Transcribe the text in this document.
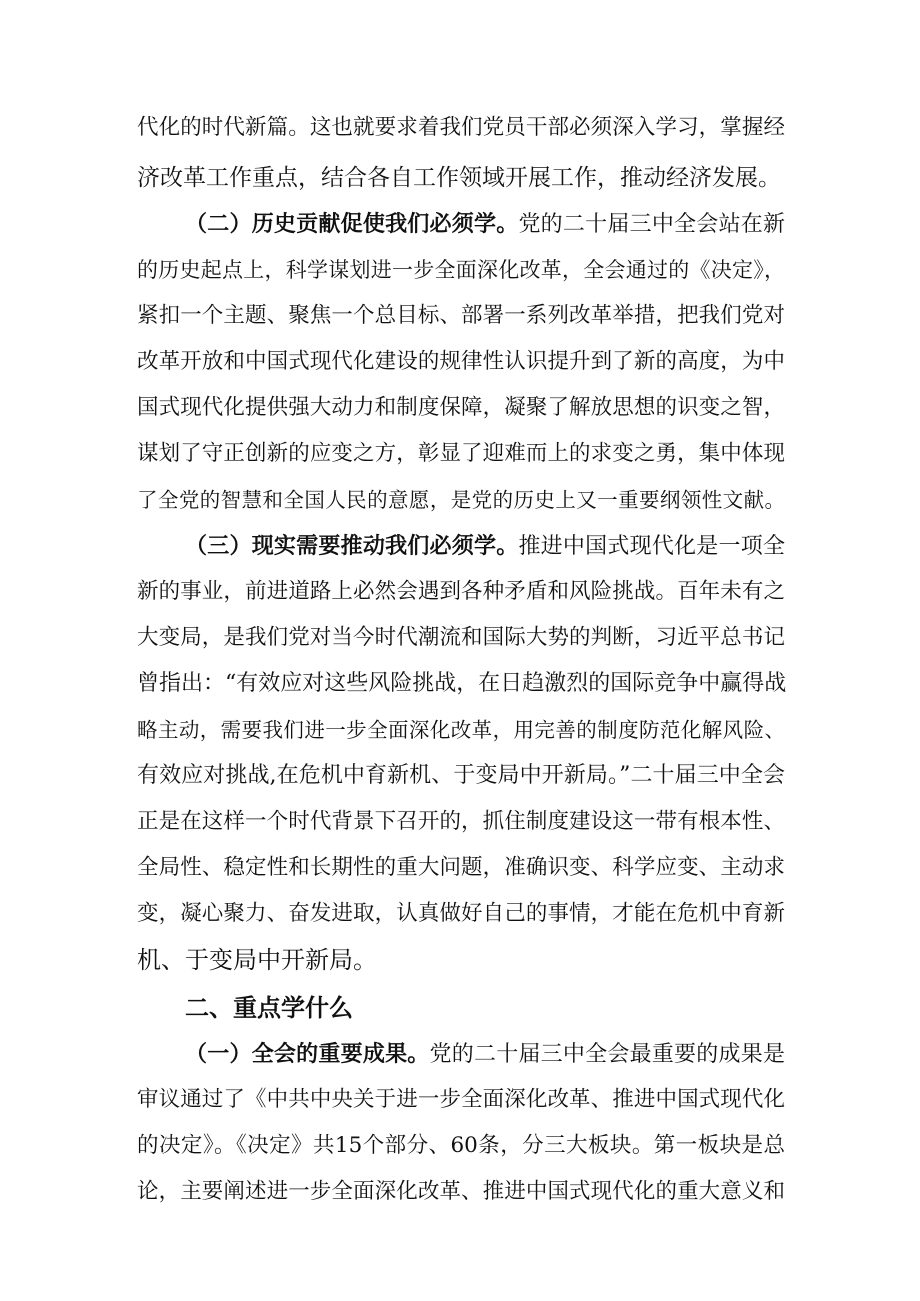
代化的时代新篇。这也就要求着我们党员干部必须深入学习，掌握经
济改革工作重点，结合各自工作领域开展工作，推动经济发展。
（二）历史贡献促使我们必须学。党的二十届三中全会站在新
的历史起点上，科学谋划进一步全面深化改革，全会通过的《决定》，
紧扣一个主题、聚焦一个总目标、部署一系列改革举措，把我们党对
改革开放和中国式现代化建设的规律性认识提升到了新的高度，为中
国式现代化提供强大动力和制度保障，凝聚了解放思想的识变之智，
谋划了守正创新的应变之方，彰显了迎难而上的求变之勇，集中体现
了全党的智慧和全国人民的意愿，是党的历史上又一重要纲领性文献。
（三）现实需要推动我们必须学。推进中国式现代化是一项全
新的事业，前进道路上必然会遇到各种矛盾和风险挑战。百年未有之
大变局，是我们党对当今时代潮流和国际大势的判断，习近平总书记
曾指出：“有效应对这些风险挑战，在日趋激烈的国际竞争中赢得战
略主动，需要我们进一步全面深化改革，用完善的制度防范化解风险、
有效应对挑战,在危机中育新机、于变局中开新局。”二十届三中全会
正是在这样一个时代背景下召开的，抓住制度建设这一带有根本性、
全局性、稳定性和长期性的重大问题，准确识变、科学应变、主动求
变，凝心聚力、奋发进取，认真做好自己的事情，才能在危机中育新
机、于变局中开新局。
二、重点学什么
（一）全会的重要成果。党的二十届三中全会最重要的成果是
审议通过了《中共中央关于进一步全面深化改革、推进中国式现代化
的决定》。《决定》共15个部分、60条，分三大板块。第一板块是总
论，主要阐述进一步全面深化改革、推进中国式现代化的重大意义和
